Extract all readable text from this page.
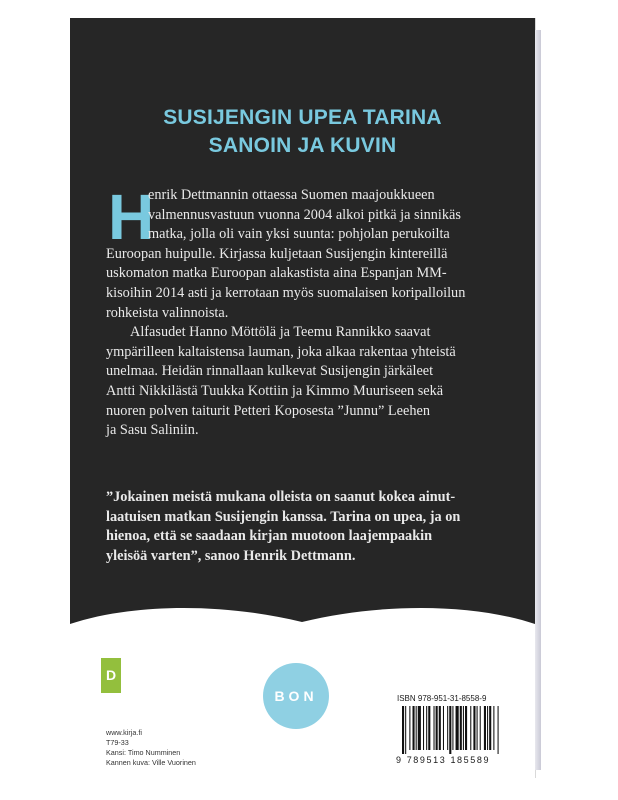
SUSIJENGIN UPEA TARINA
SANOIN JA KUVIN
H
enrik Dettmannin ottaessa Suomen maajoukkueen
valmennusvastuun vuonna 2004 alkoi pitkä ja sinnikäs
matka, jolla oli vain yksi suunta: pohjolan perukoilta
Euroopan huipulle. Kirjassa kuljetaan Susijengin kintereillä
uskomaton matka Euroopan alakastista aina Espanjan MM-
kisoihin 2014 asti ja kerrotaan myös suomalaisen koripalloilun
rohkeista valinnoista.
Alfasudet Hanno Möttölä ja Teemu Rannikko saavat
ympärilleen kaltaistensa lauman, joka alkaa rakentaa yhteistä
unelmaa. Heidän rinnallaan kulkevat Susijengin järkäleet
Antti Nikkilästä Tuukka Kottiin ja Kimmo Muuriseen sekä
nuoren polven taiturit Petteri Koposesta ”Junnu” Leehen
ja Sasu Saliniin.
”Jokainen meistä mukana olleista on saanut kokea ainut-
laatuisen matkan Susijengin kanssa. Tarina on upea, ja on
hienoa, että se saadaan kirjan muotoon laajempaakin
yleisöä varten”, sanoo Henrik Dettmann.
D
www.kirja.fi
T79-33
Kansi: Timo Numminen
Kannen kuva: Ville Vuorinen
BON	ISBN 978-951-31-8558-9
9 789513 185589
